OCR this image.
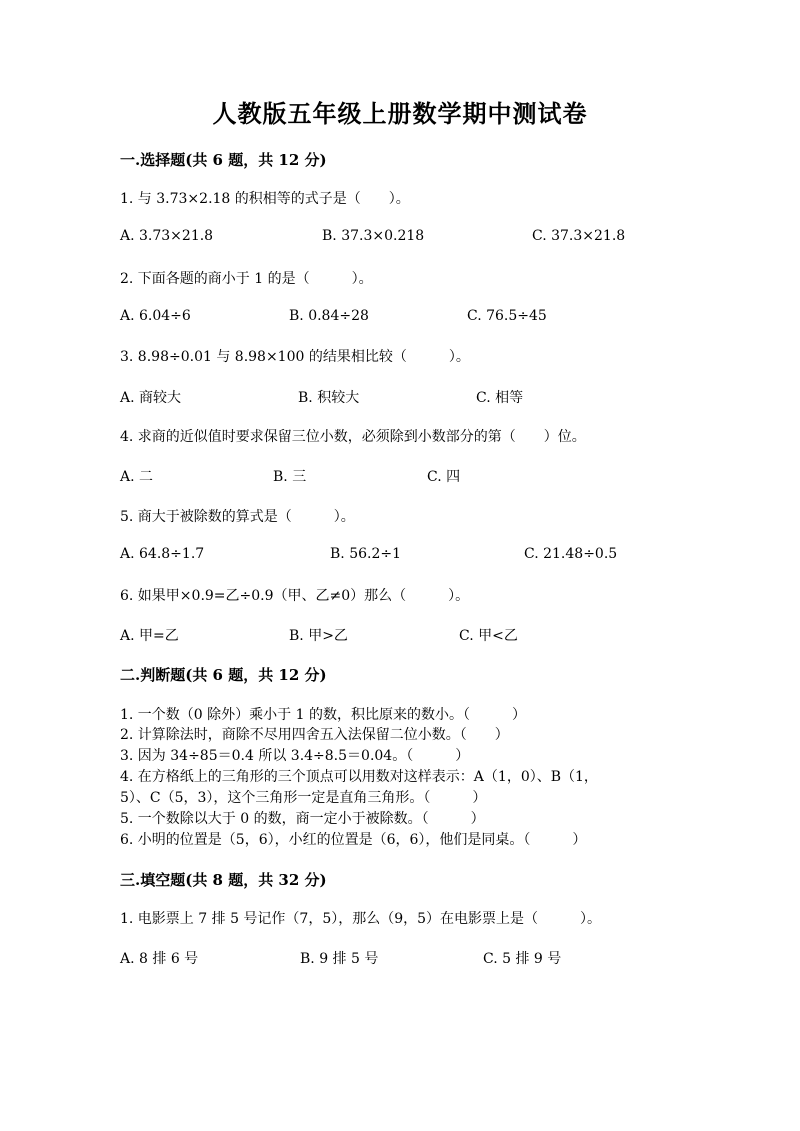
人教版五年级上册数学期中测试卷
一.选择题(共 6 题，共 12 分)
1. 与 3.73×2.18 的积相等的式子是（　　）。
A. 3.73×21.8	B. 37.3×0.218	C. 37.3×21.8
2. 下面各题的商小于 1 的是（　　　）。
A. 6.04÷6	B. 0.84÷28	C. 76.5÷45
3. 8.98÷0.01 与 8.98×100 的结果相比较（　　　）。
A. 商较大	B. 积较大	C. 相等
4. 求商的近似值时要求保留三位小数，必须除到小数部分的第（　　）位。
A. 二	B. 三	C. 四
5. 商大于被除数的算式是（　　　）。
A. 64.8÷1.7	B. 56.2÷1	C. 21.48÷0.5
6. 如果甲×0.9=乙÷0.9（甲、乙≠0）那么（　　　）。
A. 甲=乙	B. 甲>乙	C. 甲<乙
二.判断题(共 6 题，共 12 分)
1. 一个数（0 除外）乘小于 1 的数，积比原来的数小。（　　　）
2. 计算除法时，商除不尽用四舍五入法保留二位小数。（　　）
3. 因为 34÷85＝0.4 所以 3.4÷8.5＝0.04。（　　　）
4. 在方格纸上的三角形的三个顶点可以用数对这样表示：A（1，0）、B（1，
5）、C（5，3），这个三角形一定是直角三角形。（　　　）
5. 一个数除以大于 0 的数，商一定小于被除数。（　　　）
6. 小明的位置是（5，6），小红的位置是（6，6），他们是同桌。（　　　）
三.填空题(共 8 题，共 32 分)
1. 电影票上 7 排 5 号记作（7，5），那么（9，5）在电影票上是（　　　）。
A. 8 排 6 号	B. 9 排 5 号	C. 5 排 9 号
